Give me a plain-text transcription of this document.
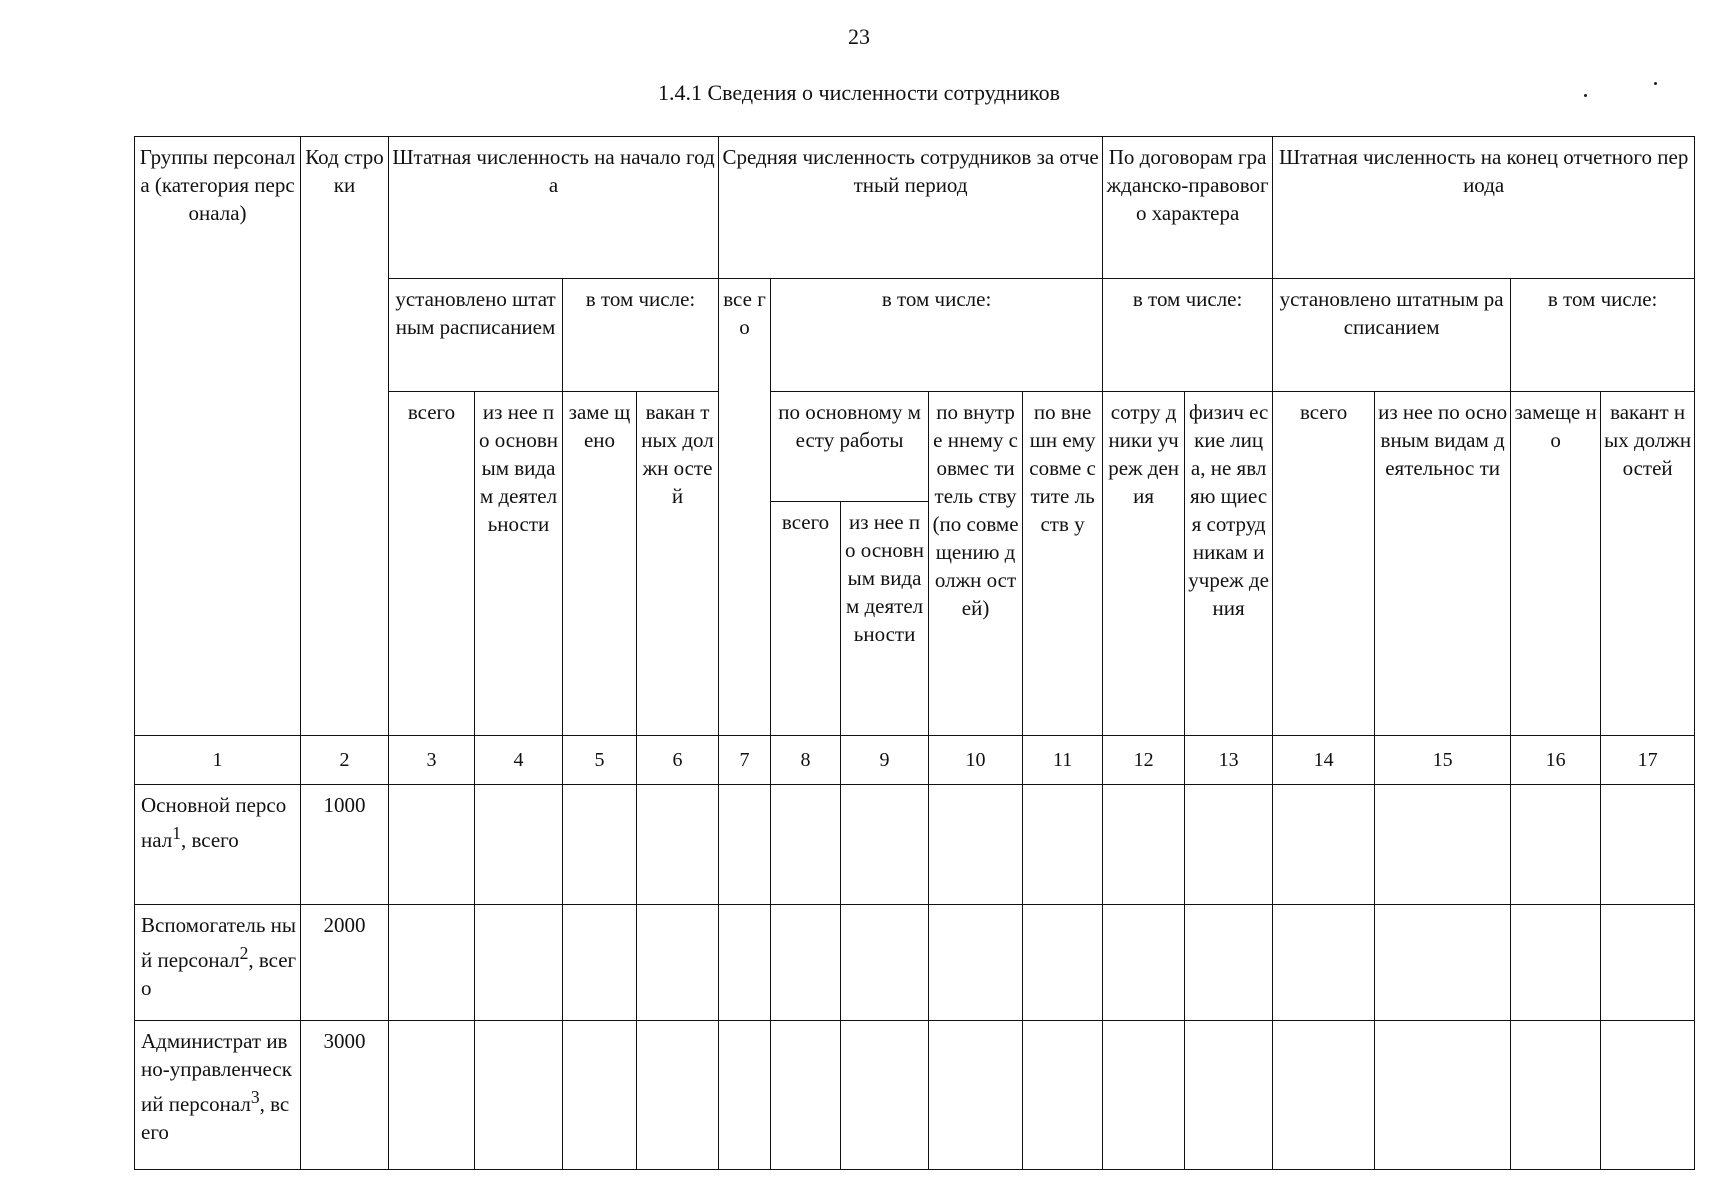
23
1.4.1 Сведения о численности сотрудников
Группы персонала (категория персонала)	Код строки	Штатная численность на начало года				Средняя численность сотрудников за отчетный период					По договорам гражданско-правового характера		Штатная численность на конец отчетного периода			
		установлено штатным расписанием		в том числе:		все го	в том числе:				в том числе:		установлено штатным расписанием		в том числе:	
		всего	из нее по основн ым видам деятел ьности	заме щено	вакан тных должн остей		по основному месту работы		по внутре ннему совмес титель ству (по совме щению должн остей)	по внешн ему совме стите льств у	сотру дники учреж дения	физич еские лица, не являю щиеся сотруд никам и учреж дения	всего	из нее по основным видам деятельнос ти	замеще но	вакант ных должн остей
							всего	из нее по основн ым видам деятел ьности								
1	2	3	4	5	6	7	8	9	10	11	12	13	14	15	16	17
Основной персонал$^1$, всего	1000															
Вспомогатель ный персонал$^2$, всего	2000															
Администрат ивно-управленческ ий персонал$^3$, всего	3000															
